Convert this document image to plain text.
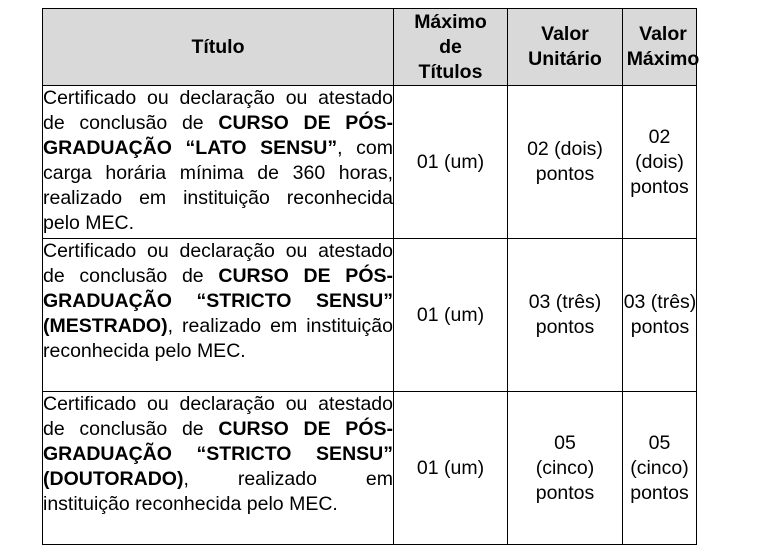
Título	Máximo de Títulos	Valor Unitário	Valor Máximo

Certificado ou declaração ou atestado de conclusão de CURSO DE PÓS-GRADUAÇÃO “LATO SENSU”, com carga horária mínima de 360 horas, realizado em instituição reconhecida pelo MEC.	01 (um)	02 (dois) pontos	02 (dois) pontos

Certificado ou declaração ou atestado de conclusão de CURSO DE PÓS-GRADUAÇÃO “STRICTO SENSU” (MESTRADO), realizado em instituição reconhecida pelo MEC.	01 (um)	03 (três) pontos	03 (três) pontos

Certificado ou declaração ou atestado de conclusão de CURSO DE PÓS-GRADUAÇÃO “STRICTO SENSU” (DOUTORADO), realizado em instituição reconhecida pelo MEC.	01 (um)	05 (cinco) pontos	05 (cinco) pontos
